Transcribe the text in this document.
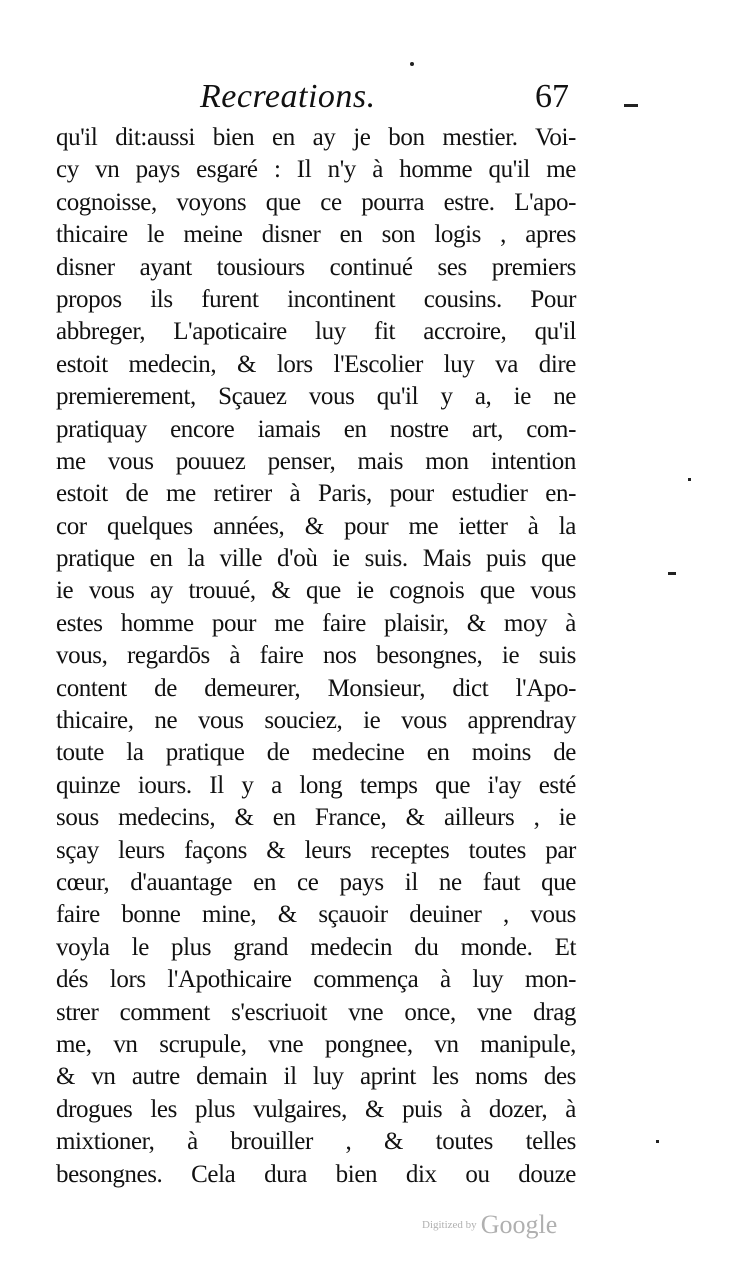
Recreations.	67
qu'il dit:aussi bien en ay je bon mestier. Voi-
cy vn pays esgaré : Il n'y à homme qu'il me
cognoisse, voyons que ce pourra estre. L'apo-
thicaire le meine disner en son logis , apres
disner ayant tousiours continué ses premiers
propos ils furent incontinent cousins. Pour
abbreger, L'apoticaire luy fit accroire, qu'il
estoit medecin, & lors l'Escolier luy va dire
premierement, Sçauez vous qu'il y a, ie ne
pratiquay encore iamais en nostre art, com-
me vous pouuez penser, mais mon intention
estoit de me retirer à Paris, pour estudier en-
cor quelques années, & pour me ietter à la
pratique en la ville d'où ie suis. Mais puis que
ie vous ay trouué, & que ie cognois que vous
estes homme pour me faire plaisir, & moy à
vous, regardōs à faire nos besongnes, ie suis
content de demeurer, Monsieur, dict l'Apo-
thicaire, ne vous souciez, ie vous apprendray
toute la pratique de medecine en moins de
quinze iours. Il y a long temps que i'ay esté
sous medecins, & en France, & ailleurs , ie
sçay leurs façons & leurs receptes toutes par
cœur, d'auantage en ce pays il ne faut que
faire bonne mine, & sçauoir deuiner , vous
voyla le plus grand medecin du monde. Et
dés lors l'Apothicaire commença à luy mon-
strer comment s'escriuoit vne once, vne drag
me, vn scrupule, vne pongnee, vn manipule,
& vn autre demain il luy aprint les noms des
drogues les plus vulgaires, & puis à dozer, à
mixtioner, à brouiller , & toutes telles
besongnes. Cela dura bien dix ou douze
Digitized by Google
